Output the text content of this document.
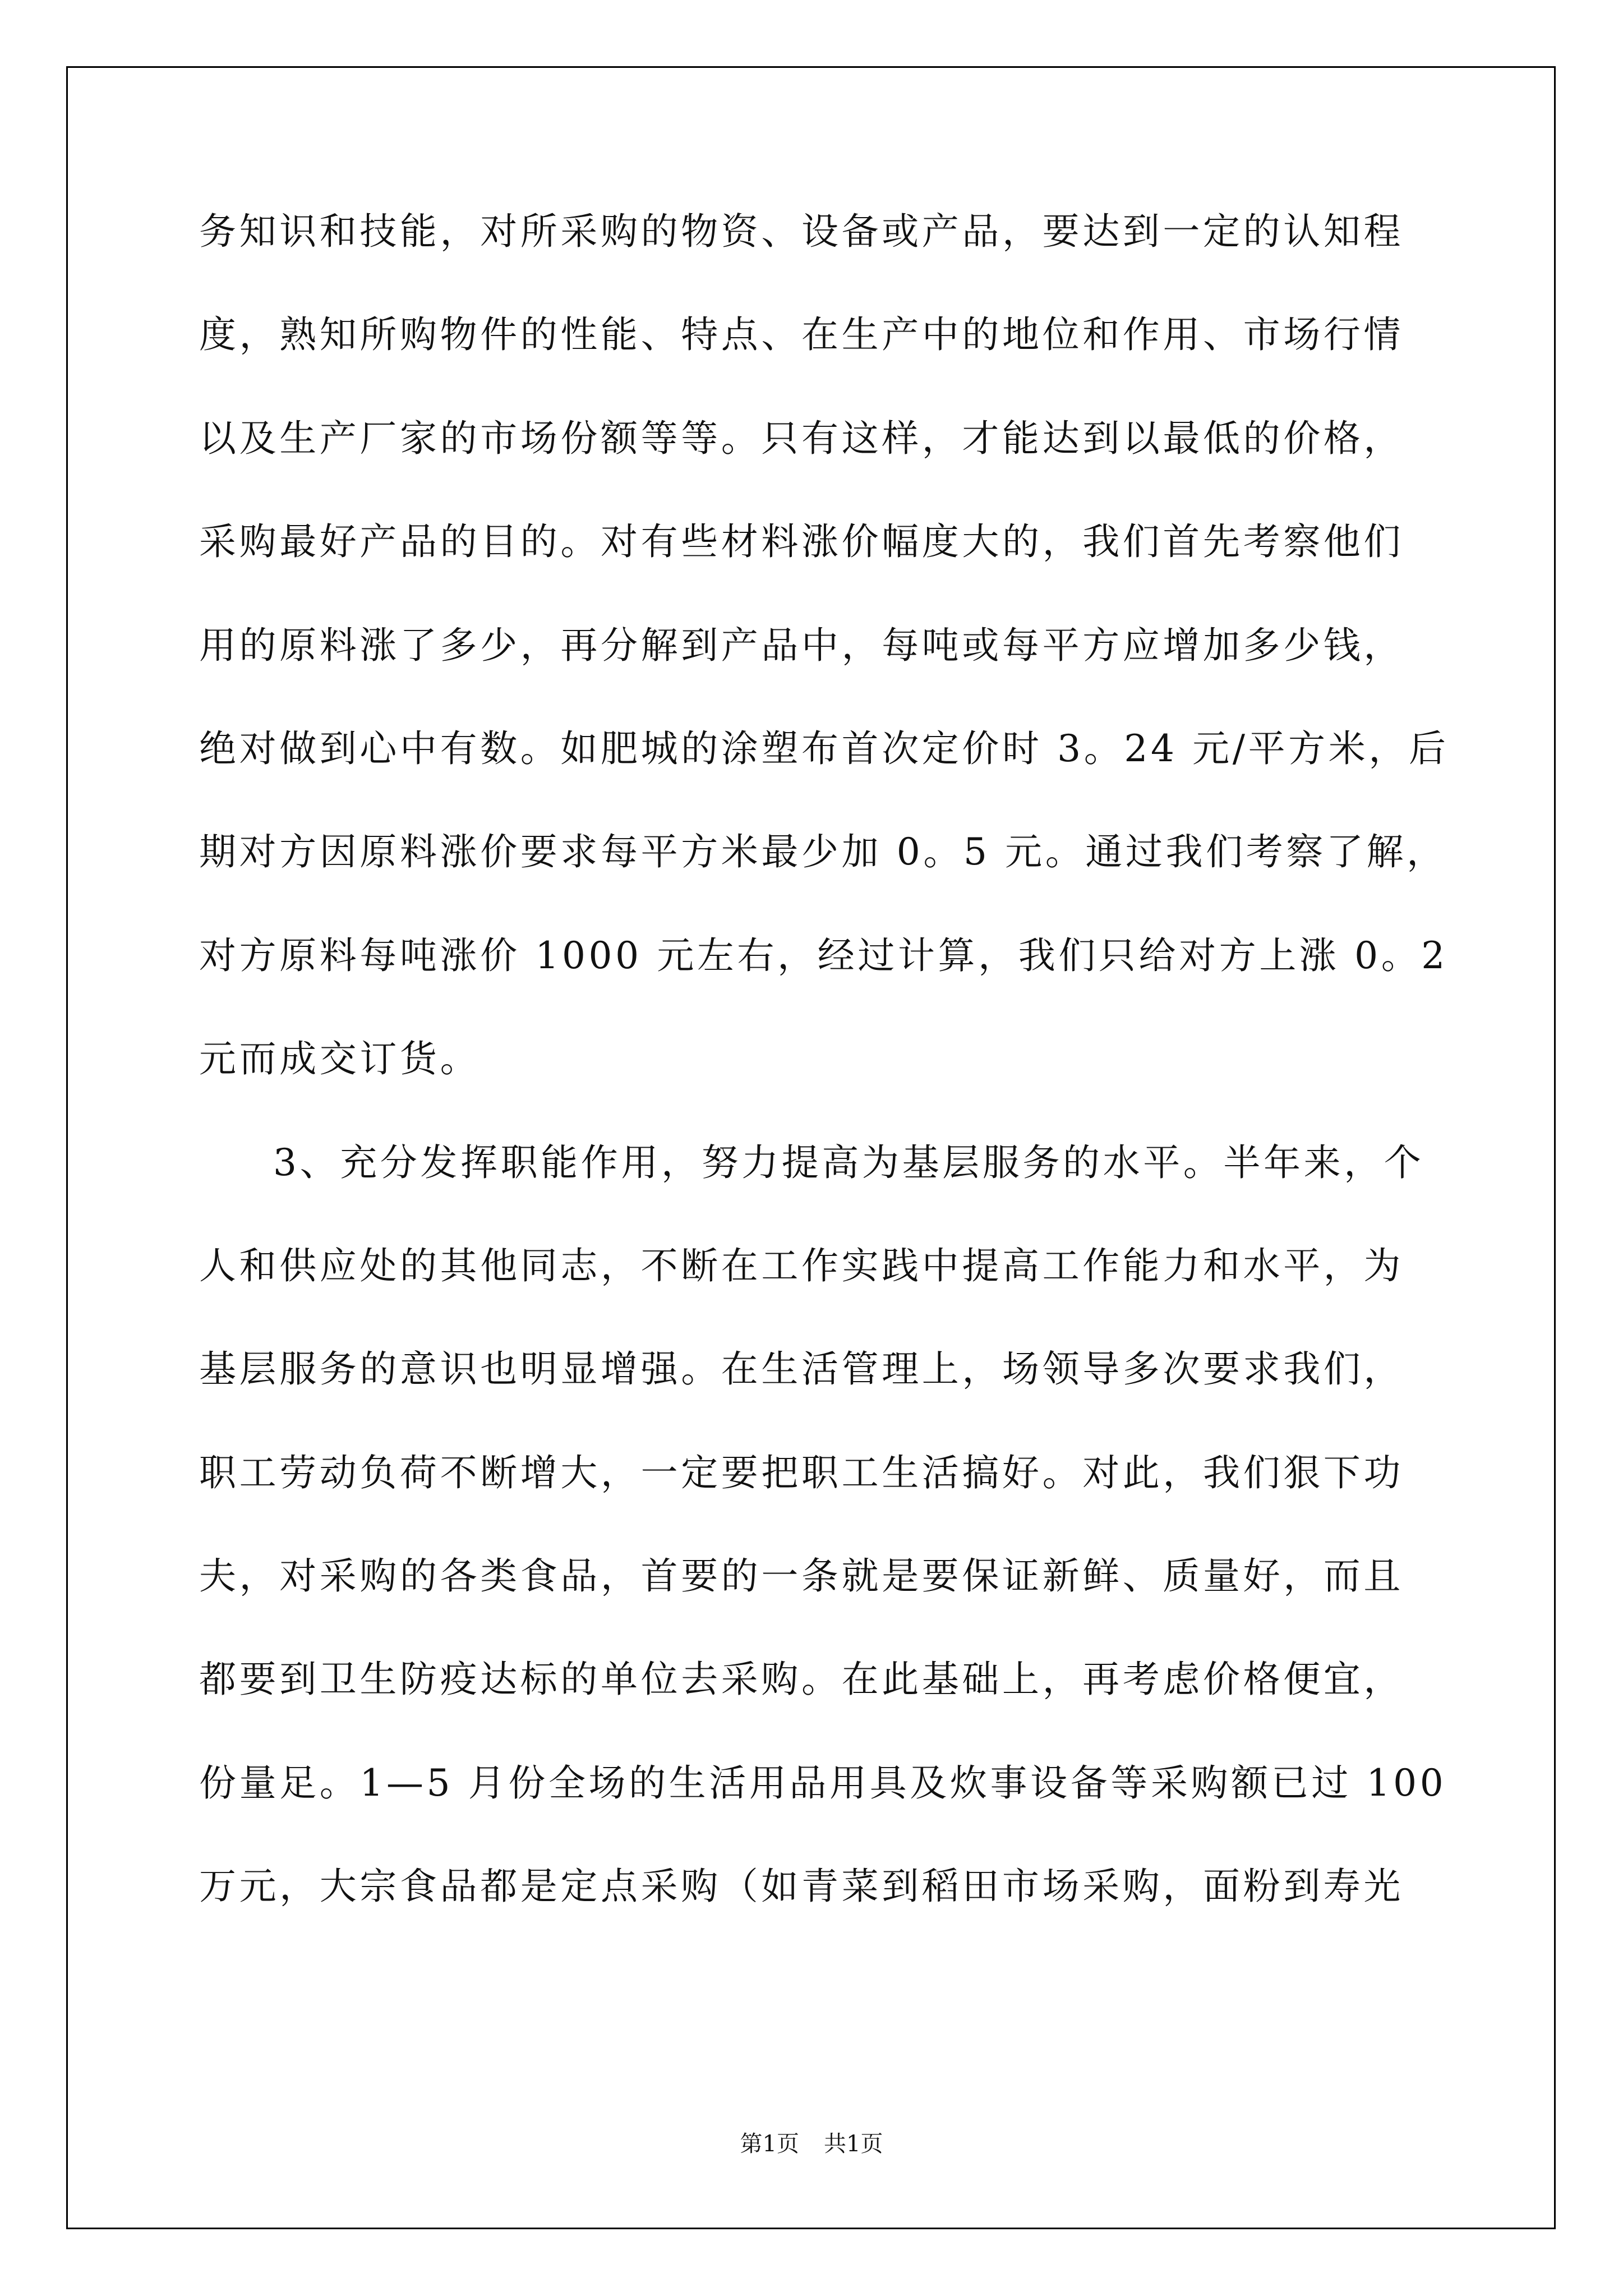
务知识和技能，对所采购的物资、设备或产品，要达到一定的认知程
度，熟知所购物件的性能、特点、在生产中的地位和作用、市场行情
以及生产厂家的市场份额等等。只有这样，才能达到以最低的价格，
采购最好产品的目的。对有些材料涨价幅度大的，我们首先考察他们
用的原料涨了多少，再分解到产品中，每吨或每平方应增加多少钱，
绝对做到心中有数。如肥城的涂塑布首次定价时 3。24 元/平方米，后
期对方因原料涨价要求每平方米最少加 0。5 元。通过我们考察了解，
对方原料每吨涨价 1000 元左右，经过计算，我们只给对方上涨 0。2
元而成交订货。
3、充分发挥职能作用，努力提高为基层服务的水平。半年来，个
人和供应处的其他同志，不断在工作实践中提高工作能力和水平，为
基层服务的意识也明显增强。在生活管理上，场领导多次要求我们，
职工劳动负荷不断增大，一定要把职工生活搞好。对此，我们狠下功
夫，对采购的各类食品，首要的一条就是要保证新鲜、质量好，而且
都要到卫生防疫达标的单位去采购。在此基础上，再考虑价格便宜，
份量足。1—5 月份全场的生活用品用具及炊事设备等采购额已过 100
万元，大宗食品都是定点采购（如青菜到稻田市场采购，面粉到寿光
第1页 共1页
